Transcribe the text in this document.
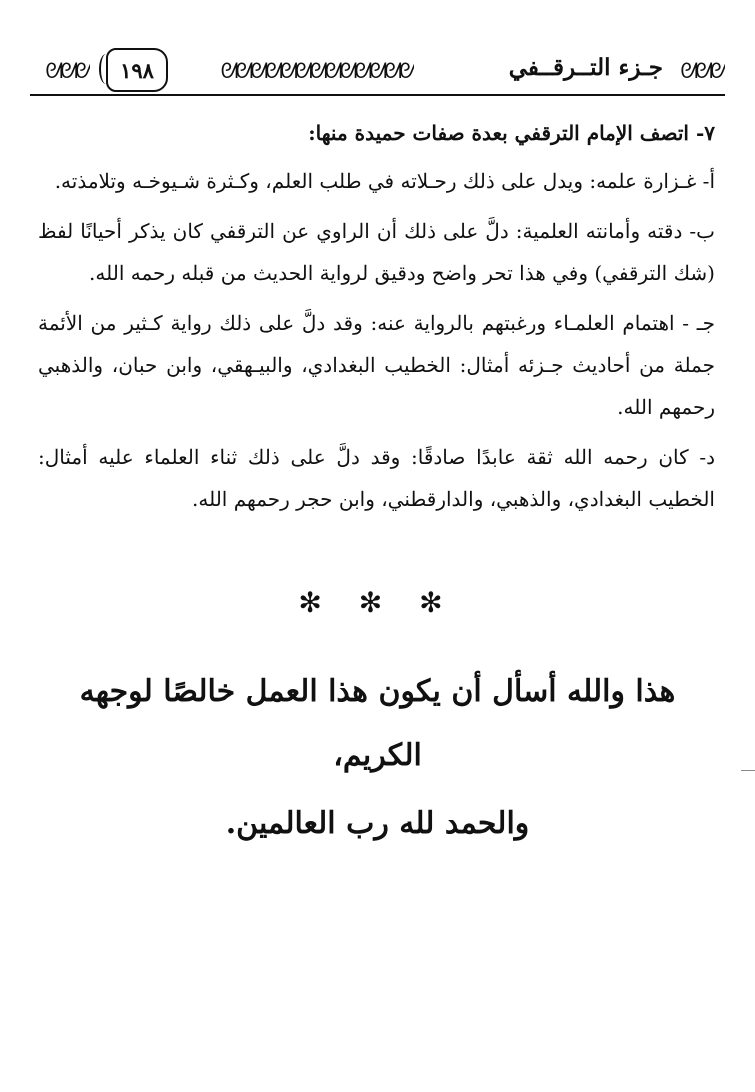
ᘛᘛᘛ
جـزء التــرقــفي
ᘛᘛᘛᘛᘛᘛᘛᘛᘛᘛᘛᘛᘛ
١٩٨
ᘛᘛᘛ

٧- اتصف الإمام الترقفي بعدة صفات حميدة منها:

أ- غـزارة علمه: ويدل على ذلك رحـلاته في طلب العلم، وكـثرة شـيوخـه وتلامذته.

ب- دقته وأمانته العلمية: دلَّ على ذلك أن الراوي عن الترقفي كان يذكر أحيانًا لفظ (شك الترقفي) وفي هذا تحر واضح ودقيق لرواية الحديث من قبله رحمه الله.

جـ - اهتمام العلمـاء ورغبتهم بالرواية عنه: وقد دلَّ على ذلك رواية كـثير من الأئمة جملة من أحاديث جـزئه أمثال: الخطيب البغدادي، والبيـهقي، وابن حبان، والذهبي رحمهم الله.

د- كان رحمه الله ثقة عابدًا صادقًا: وقد دلَّ على ذلك ثناء العلماء عليه أمثال: الخطيب البغدادي، والذهبي، والدارقطني، وابن حجر رحمهم الله.

✻ ✻ ✻
هذا والله أسأل أن يكون هذا العمل خالصًا لوجهه الكريم،
والحمد لله رب العالمين.
